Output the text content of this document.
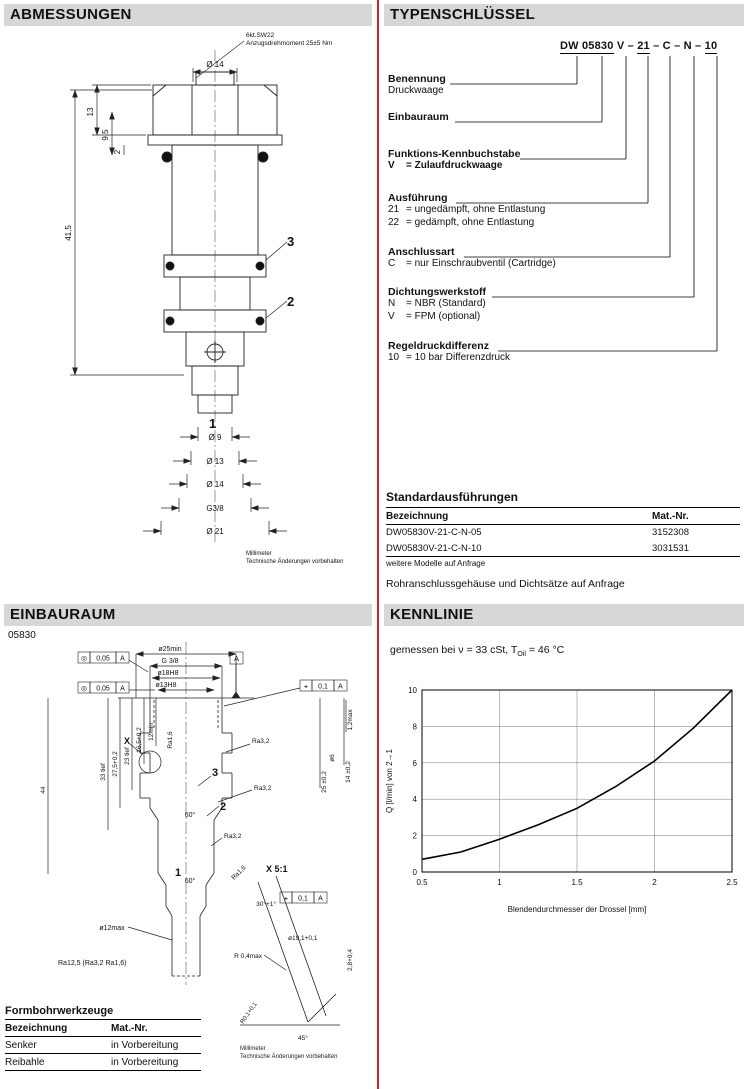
ABMESSUNGEN
6kt.SW22
Anzugsdrehmoment 25±5 Nm
Ø 14
13
9,5
2
41,5
3
2
1
Ø 9
Ø 13
Ø 14
G3/8
Ø 21
Millimeter
Technische Änderungen vorbehalten
TYPENSCHLÜSSEL
DW 05830 V – 21 – C – N – 10
Benennung
Druckwaage
Einbauraum
Funktions-Kennbuchstabe
V = Zulaufdruckwaage
Ausführung
21 = ungedämpft, ohne Entlastung
22 = gedämpft, ohne Entlastung
Anschlussart
C = nur Einschraubventil (Cartridge)
Dichtungswerkstoff
N = NBR (Standard)
V = FPM (optional)
Regeldruckdifferenz
10 = 10 bar Differenzdruck
Standardausführungen
Bezeichnung	Mat.-Nr.
DW05830V-21-C-N-05	3152308
DW05830V-21-C-N-10	3031531
weitere Modelle auf Anfrage
Rohranschlussgehäuse und Dichtsätze auf Anfrage
EINBAURAUM
05830
ø25min
G 3/8
ø18H8
ø13H8
◎ 0,05 A
◎ 0,05 A
A
⌖ 0,1 A
X	Ra1,6
Ra1,6
Ra3,2
Ra3,2
Ra3,2
1,2max
ø6
14 ±0,2
25 ±0,2
12min
16,5+0,2
23 tief
27,5+0,2
33 tief
44
60°
60°
3
2
1
ø12max
Ra12,5 (Ra3,2 Ra1,6)
X 5:1
30°+1°
⌖ 0,1 A
R 0,4max
ø19,1+0,1
2,8+0,4
R0,1+0,1
45°
Formbohrwerkzeuge
Bezeichnung	Mat.-Nr.
Senker	in Vorbereitung
Reibahle	in Vorbereitung
Millimeter
Technische Änderungen vorbehalten
KENNLINIE
gemessen bei ν = 33 cSt, $T_{Oil} = 46$ °C
Q [l/min] von 2→1
Blendendurchmesser der Drossel [mm]
0.5	1	1.5	2	2.5
0
2
4
6
8
10
